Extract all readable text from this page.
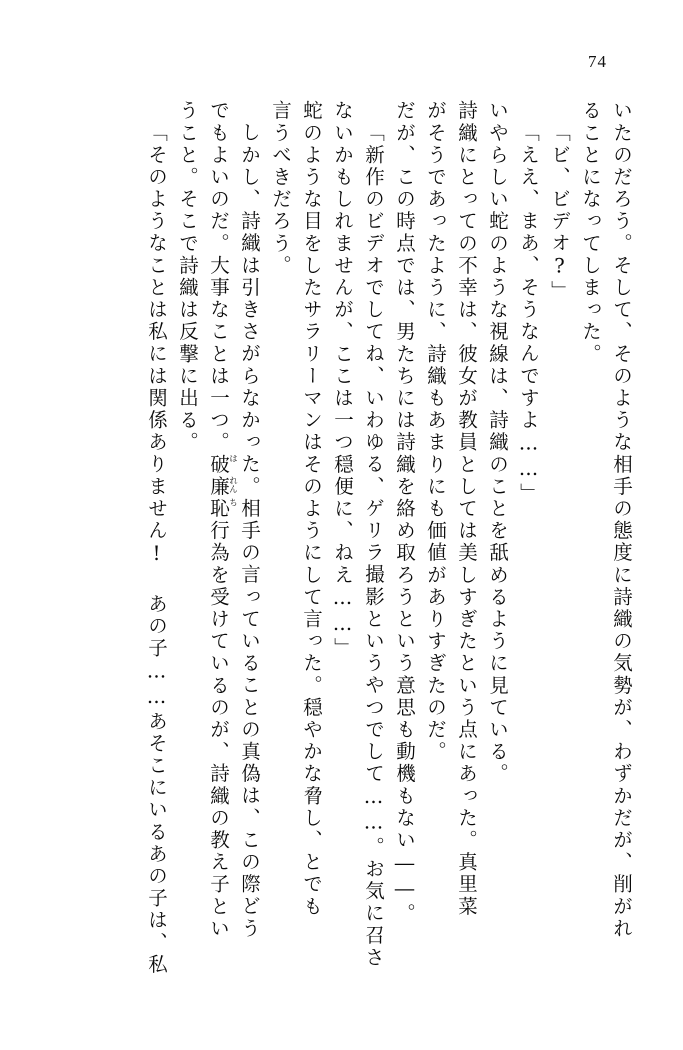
74
いたのだろう。そして、そのような相手の態度に詩織の気勢が、わずかだが、削がれ
ることになってしまった。
「ビ、ビデオ?」
「ええ、まあ、そうなんですよ……」
いやらしい蛇のような視線は、詩織のことを舐めるように見ている。
詩織にとっての不幸は、彼女が教員としては美しすぎたという点にあった。真里菜
がそうであったように、詩織もあまりにも価値がありすぎたのだ。
だが、この時点では、男たちには詩織を絡め取ろうという意思も動機もない――。
「新作のビデオでしてね、いわゆる、ゲリラ撮影というやつでして……。お気に召さ
ないかもしれませんが、ここは一つ穏便に、ねえ……」
蛇のような目をしたサラリーマンはそのようにして言った。穏やかな脅し、とでも
言うべきだろう。
しかし、詩織は引きさがらなかった。相手の言っていることの真偽は、この際どう
でもよいのだ。大事なことは一つ。破
は
廉
れん
恥
ち
行為を受けているのが、詩織の教え子とい
うこと。そこで詩織は反撃に出る。
「そのようなことは私には関係ありません! あの子……あそこにいるあの子は、私
